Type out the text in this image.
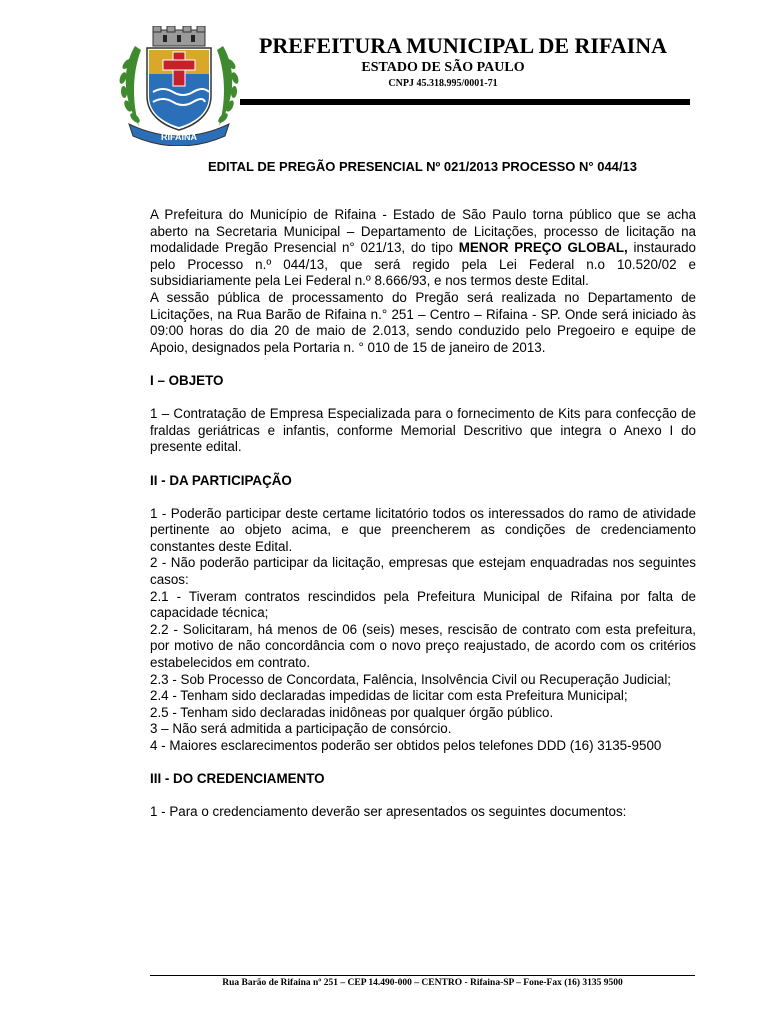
RIFAINA
PREFEITURA MUNICIPAL DE RIFAINA
ESTADO DE SÃO PAULO
CNPJ 45.318.995/0001-71
EDITAL DE PREGÃO PRESENCIAL Nº 021/2013 PROCESSO N° 044/13

A Prefeitura do Município de Rifaina - Estado de São Paulo torna público que se acha aberto na Secretaria Municipal – Departamento de Licitações, processo de licitação na modalidade Pregão Presencial n° 021/13, do tipo MENOR PREÇO GLOBAL, instaurado pelo Processo n.º 044/13, que será regido pela Lei Federal n.o 10.520/02 e subsidiariamente pela Lei Federal n.º 8.666/93, e nos termos deste Edital.

A sessão pública de processamento do Pregão será realizada no Departamento de Licitações, na Rua Barão de Rifaina n.° 251 – Centro – Rifaina - SP. Onde será iniciado às 09:00 horas do dia 20 de maio de 2.013, sendo conduzido pelo Pregoeiro e equipe de Apoio, designados pela Portaria n. ° 010 de 15 de janeiro de 2013.

I – OBJETO

1 – Contratação de Empresa Especializada para o fornecimento de Kits para confecção de fraldas geriátricas e infantis, conforme Memorial Descritivo que integra o Anexo I do presente edital.

II - DA PARTICIPAÇÃO

1 - Poderão participar deste certame licitatório todos os interessados do ramo de atividade pertinente ao objeto acima, e que preencherem as condições de credenciamento constantes deste Edital.

2 - Não poderão participar da licitação, empresas que estejam enquadradas nos seguintes casos:

2.1 - Tiveram contratos rescindidos pela Prefeitura Municipal de Rifaina por falta de capacidade técnica;

2.2 - Solicitaram, há menos de 06 (seis) meses, rescisão de contrato com esta prefeitura, por motivo de não concordância com o novo preço reajustado, de acordo com os critérios estabelecidos em contrato.

2.3 - Sob Processo de Concordata, Falência, Insolvência Civil ou Recuperação Judicial;

2.4 - Tenham sido declaradas impedidas de licitar com esta Prefeitura Municipal;

2.5 - Tenham sido declaradas inidôneas por qualquer órgão público.

3 – Não será admitida a participação de consórcio.

4 - Maiores esclarecimentos poderão ser obtidos pelos telefones DDD (16) 3135-9500

III - DO CREDENCIAMENTO

1 - Para o credenciamento deverão ser apresentados os seguintes documentos:

Rua Barão de Rifaina nº 251 – CEP 14.490-000 – CENTRO - Rifaina-SP – Fone-Fax (16) 3135 9500
